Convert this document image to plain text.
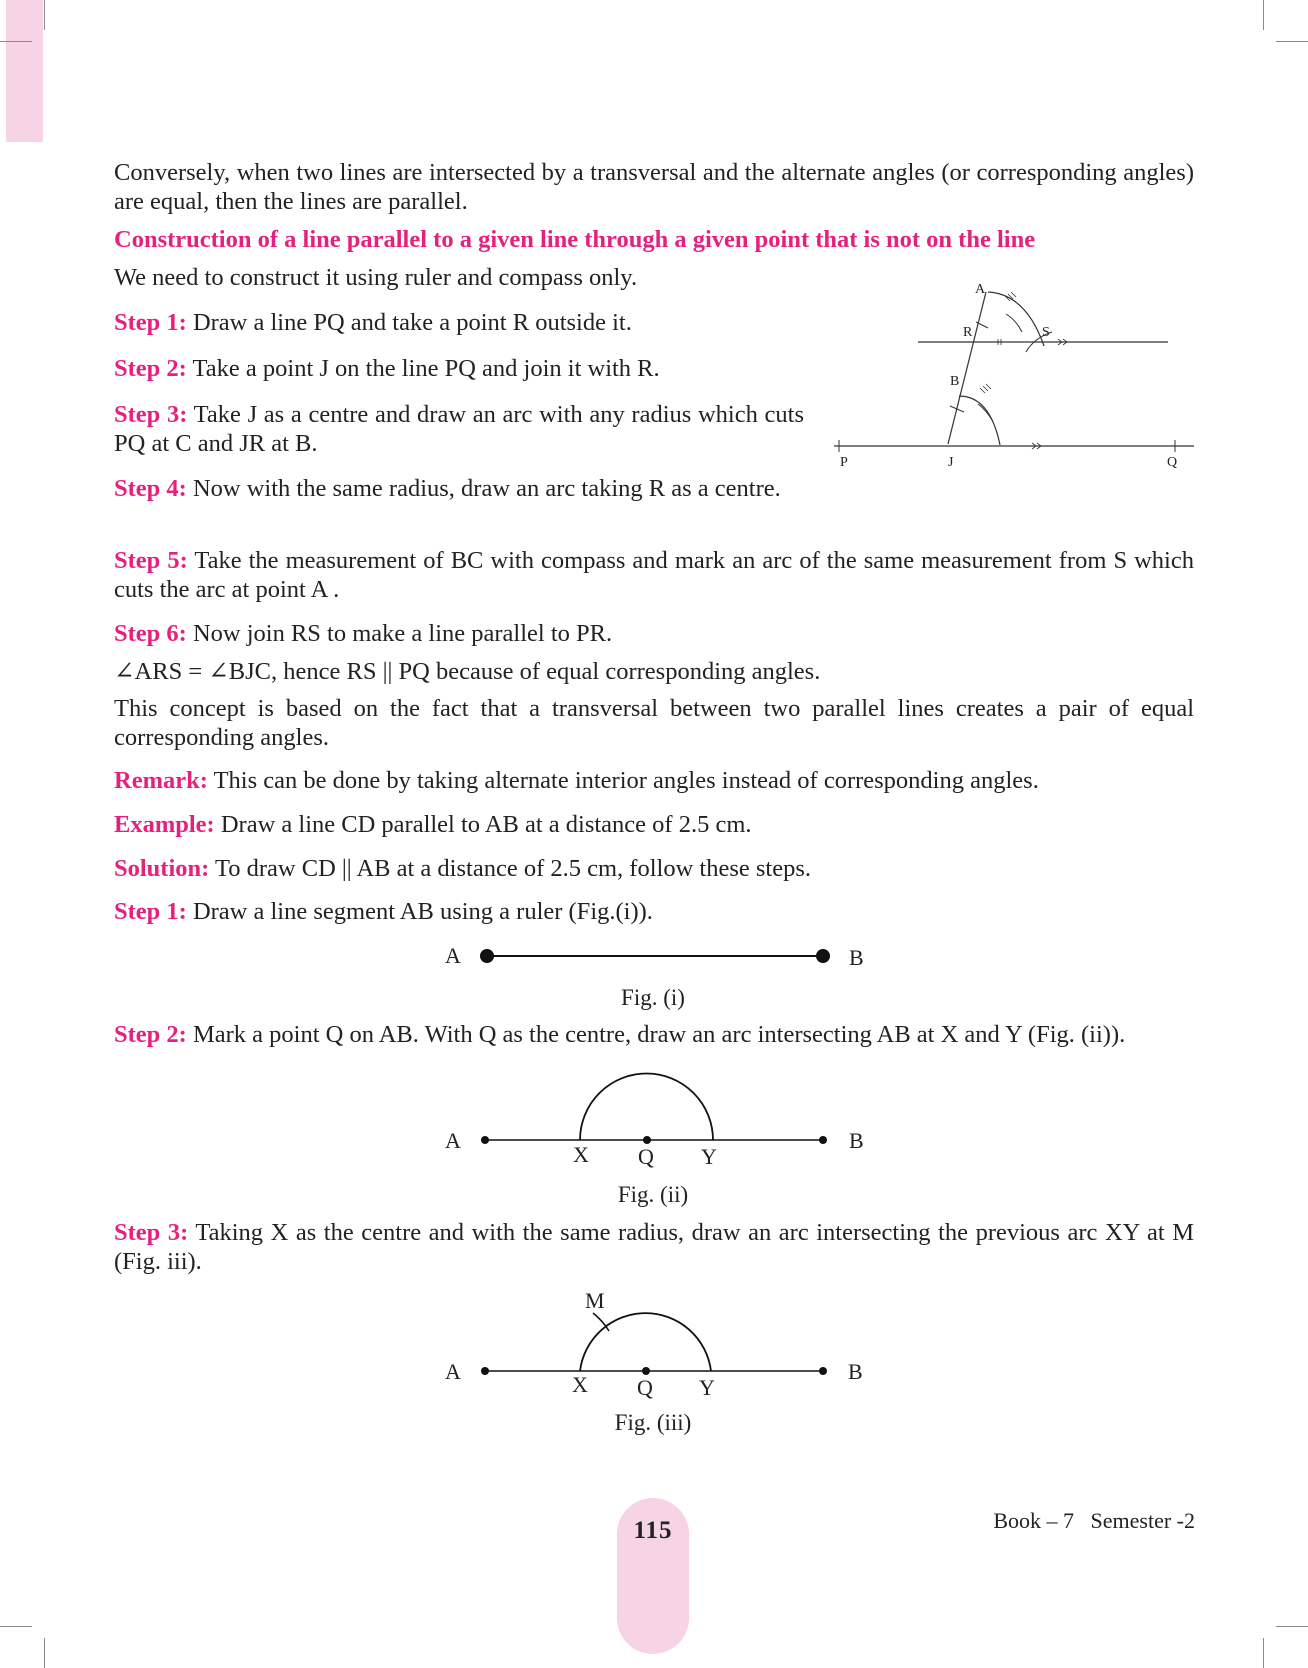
Conversely, when two lines are intersected by a transversal and the alternate angles (or corresponding angles) are equal, then the lines are parallel.

Construction of a line parallel to a given line through a given point that is not on the line

We need to construct it using ruler and compass only.

Step 1: Draw a line PQ and take a point R outside it.

Step 2: Take a point J on the line PQ and join it with R.

Step 3: Take J as a centre and draw an arc with any radius which cuts PQ at C and JR at B.

Step 4: Now with the same radius, draw an arc taking R as a centre.

Step 5: Take the measurement of BC with compass and mark an arc of the same measurement from S which cuts the arc at point A .

Step 6: Now join RS to make a line parallel to PR.

∠ARS = ∠BJC, hence RS || PQ because of equal corresponding angles.

This concept is based on the fact that a transversal between two parallel lines creates a pair of equal corresponding angles.

Remark: This can be done by taking alternate interior angles instead of corresponding angles.

Example: Draw a line CD parallel to AB at a distance of 2.5 cm.

Solution: To draw CD || AB at a distance of 2.5 cm, follow these steps.

Step 1: Draw a line segment AB using a ruler (Fig.(i)).

Step 2: Mark a point Q on AB. With Q as the centre, draw an arc intersecting AB at X and Y (Fig. (ii)).

Step 3: Taking X as the centre and with the same radius, draw an arc intersecting the previous arc XY at M (Fig. iii).

A
R	S
B
P	J	Q
A	B
Fig. (i)
A	B
X Q Y
Fig. (ii)
A	B
M
X Q Y
Fig. (iii)
115	Book – 7 Semester -2
